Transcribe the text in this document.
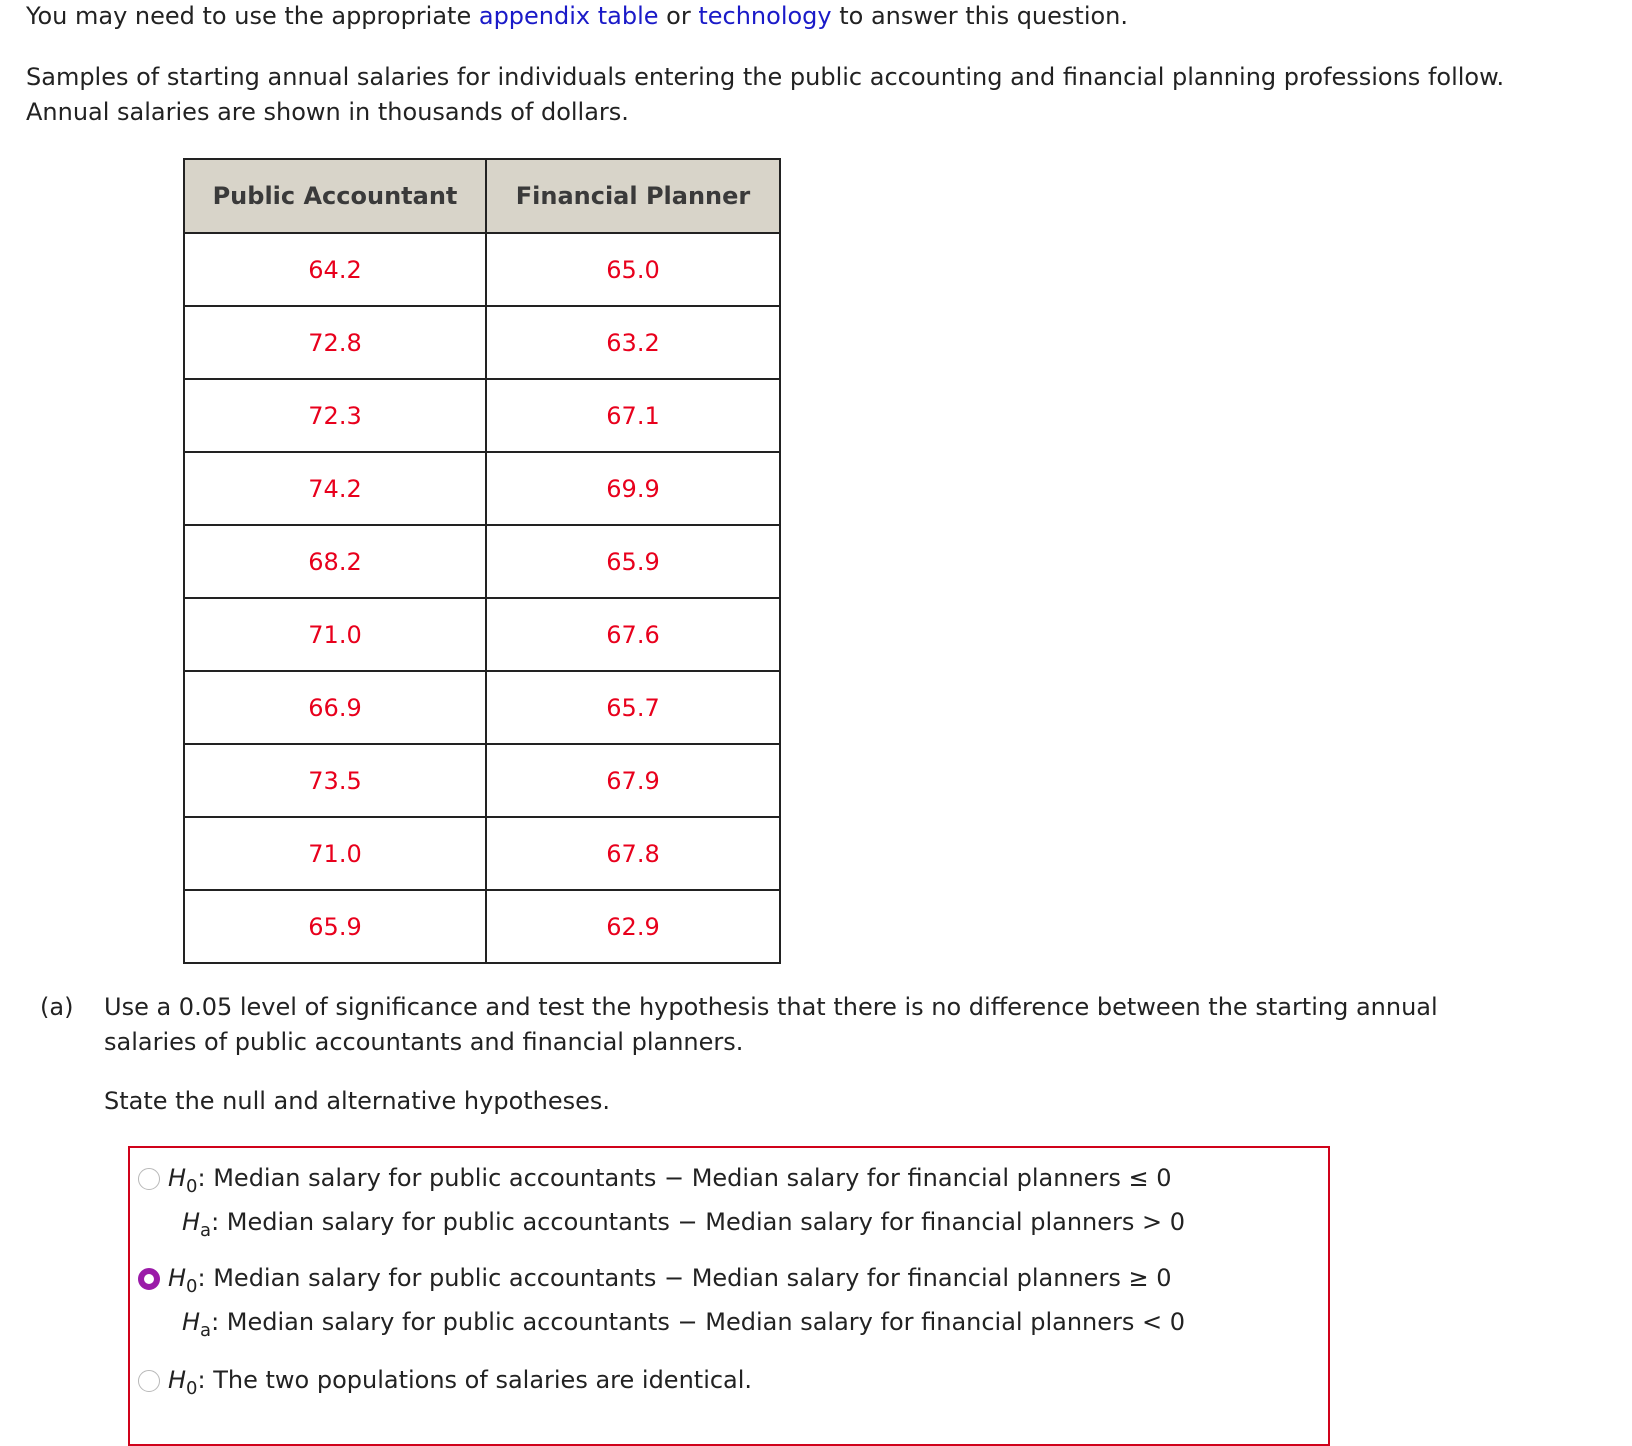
You may need to use the appropriate appendix table or technology to answer this question.
Samples of starting annual salaries for individuals entering the public accounting and financial planning professions follow.
Annual salaries are shown in thousands of dollars.
Public Accountant	Financial Planner
64.2	65.0
72.8	63.2
72.3	67.1
74.2	69.9
68.2	65.9
71.0	67.6
66.9	65.7
73.5	67.9
71.0	67.8
65.9	62.9
(a) Use a 0.05 level of significance and test the hypothesis that there is no difference between the starting annual
salaries of public accountants and financial planners.
State the null and alternative hypotheses.
$H_0$: Median salary for public accountants − Median salary for financial planners ≤ 0
$H_a$: Median salary for public accountants − Median salary for financial planners > 0
$H_0$: Median salary for public accountants − Median salary for financial planners ≥ 0
$H_a$: Median salary for public accountants − Median salary for financial planners < 0
$H_0$: The two populations of salaries are identical.
